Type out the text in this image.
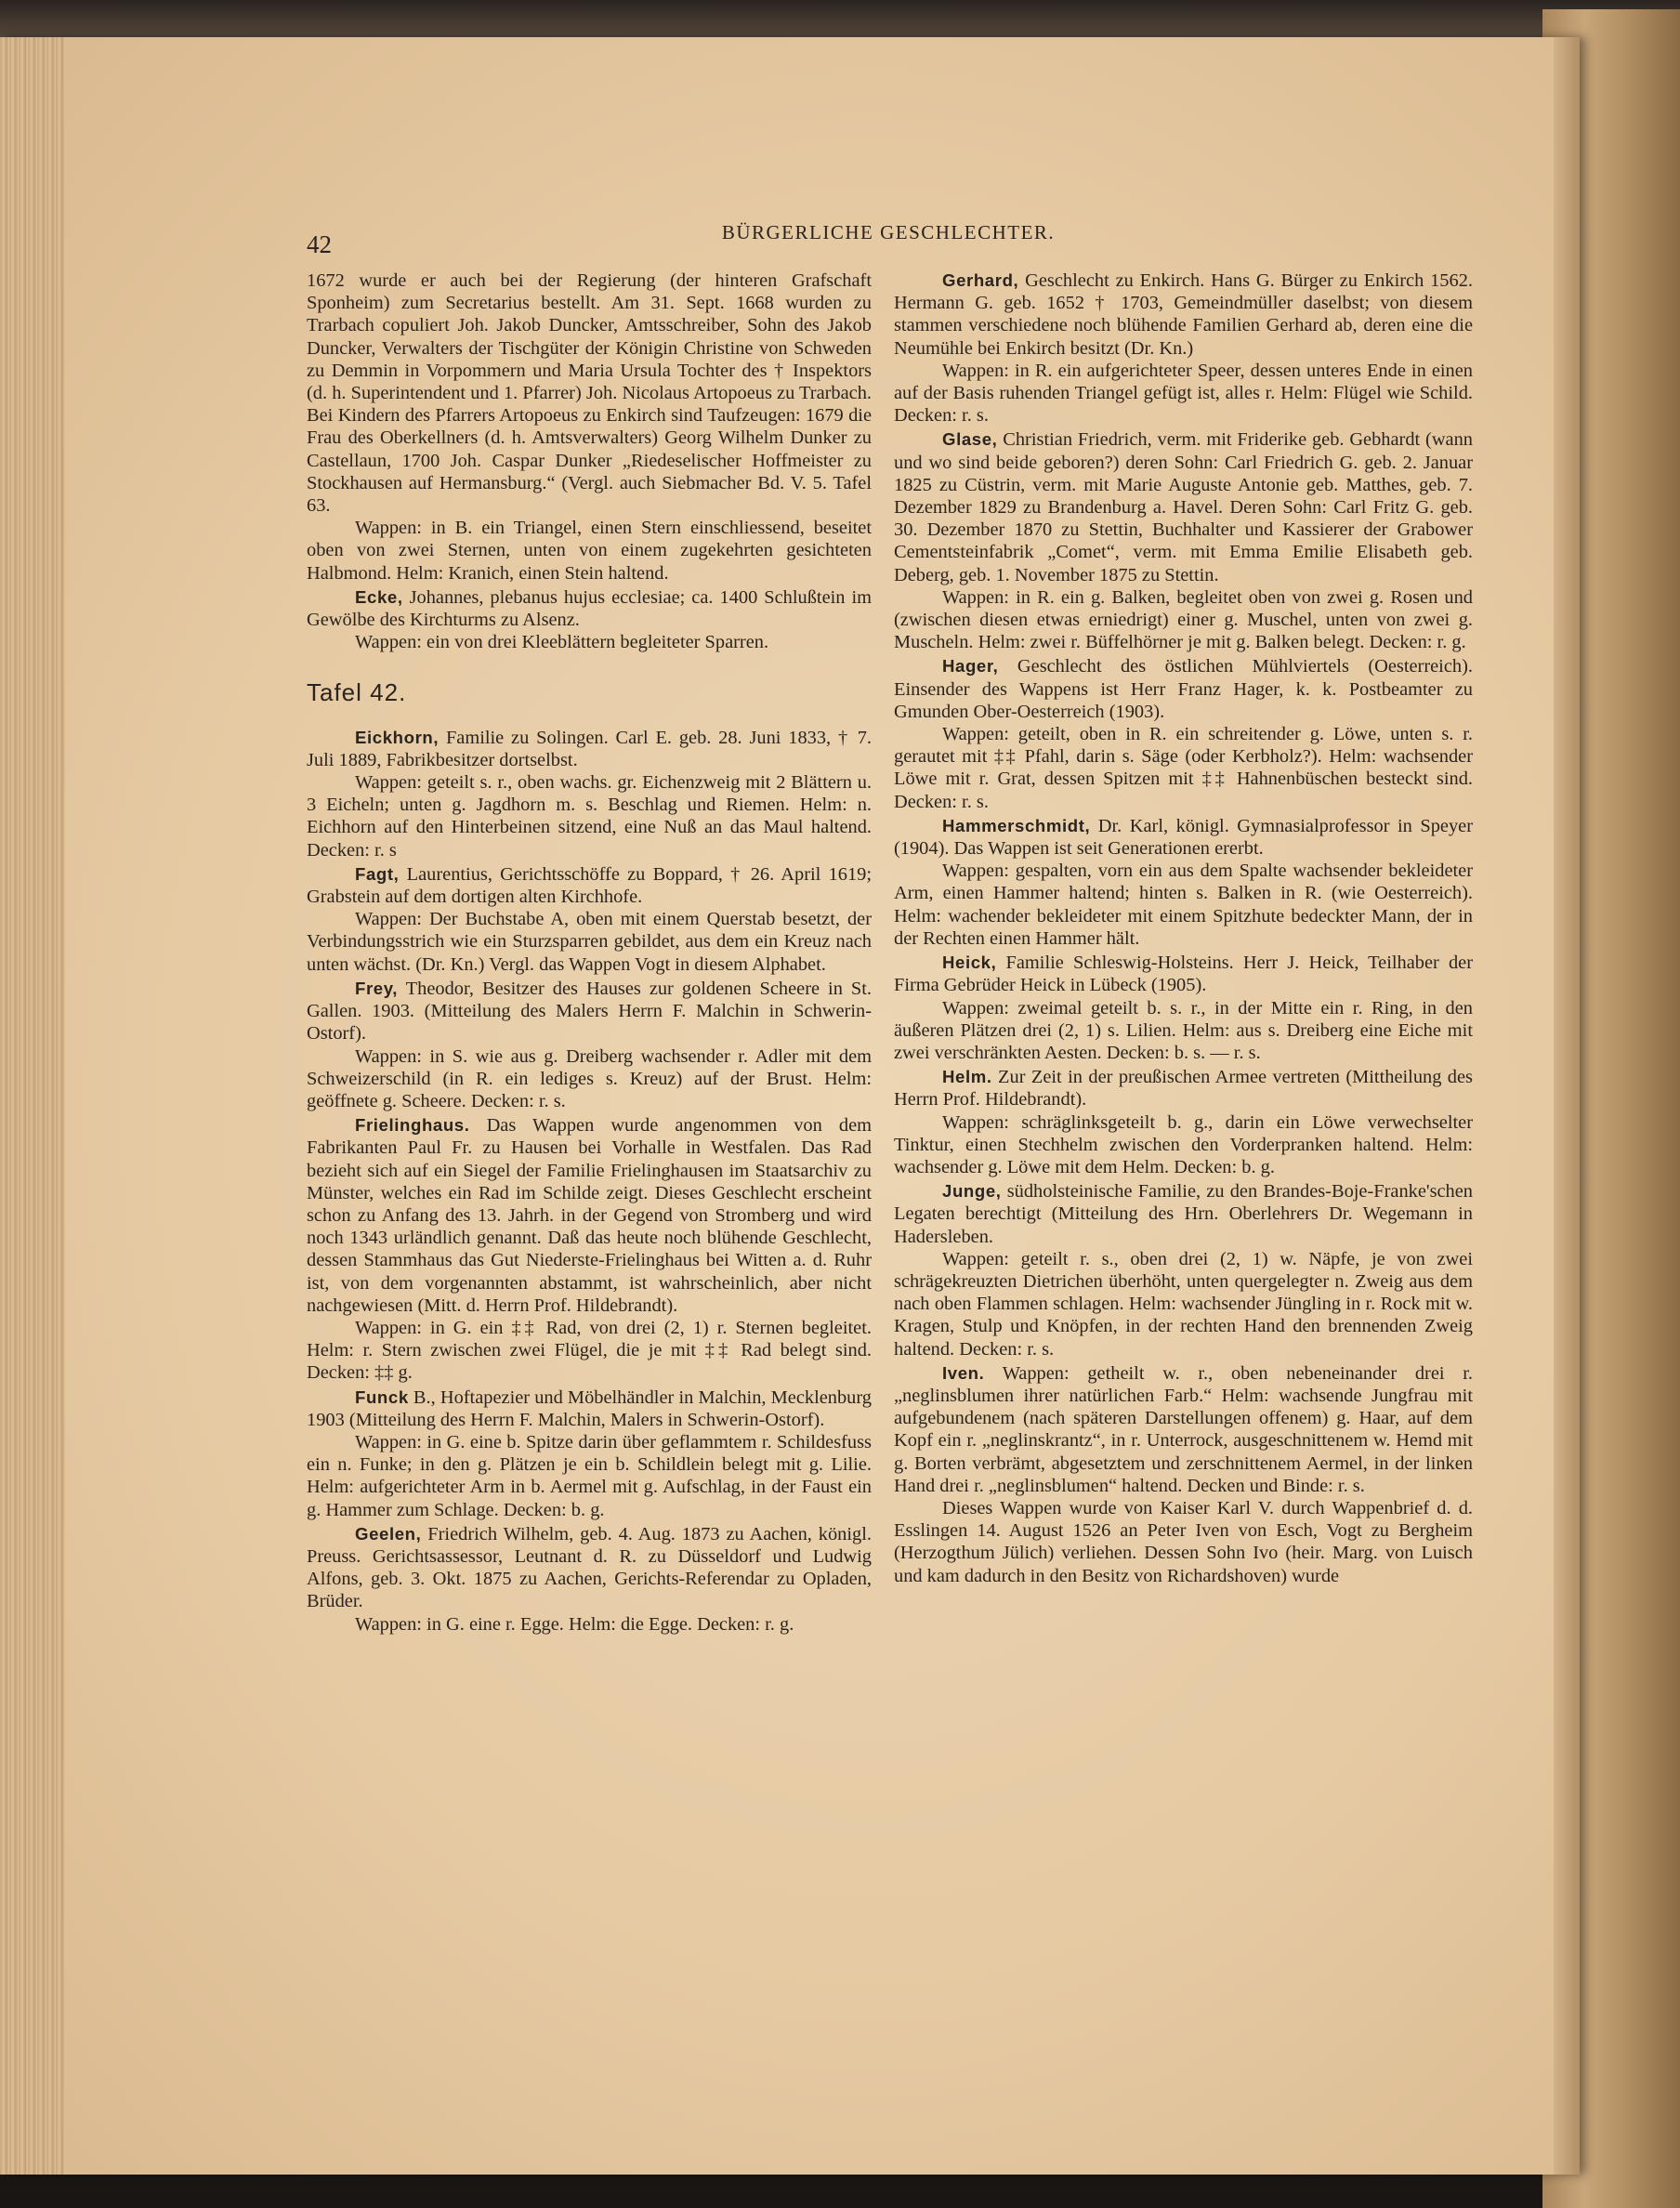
42	BÜRGERLICHE GESCHLECHTER.

1672 wurde er auch bei der Regierung (der hinteren Grafschaft Sponheim) zum Secretarius bestellt. Am 31. Sept. 1668 wurden zu Trarbach copuliert Joh. Jakob Duncker, Amtsschreiber, Sohn des Jakob Duncker, Verwalters der Tischgüter der Königin Christine von Schweden zu Demmin in Vorpommern und Maria Ursula Tochter des † Inspektors (d. h. Superintendent und 1. Pfarrer) Joh. Nicolaus Artopoeus zu Trarbach. Bei Kindern des Pfarrers Artopoeus zu Enkirch sind Taufzeugen: 1679 die Frau des Oberkellners (d. h. Amtsverwalters) Georg Wilhelm Dunker zu Castellaun, 1700 Joh. Caspar Dunker „Riedeselischer Hoffmeister zu Stockhausen auf Hermansburg.“ (Vergl. auch Siebmacher Bd. V. 5. Tafel 63.

Wappen: in B. ein Triangel, einen Stern einschliessend, beseitet oben von zwei Sternen, unten von einem zugekehrten gesichteten Halbmond. Helm: Kranich, einen Stein haltend.

Ecke, Johannes, plebanus hujus ecclesiae; ca. 1400 Schlußtein im Gewölbe des Kirchturms zu Alsenz.

Wappen: ein von drei Kleeblättern begleiteter Sparren.

Tafel 42.

Eickhorn, Familie zu Solingen. Carl E. geb. 28. Juni 1833, † 7. Juli 1889, Fabrikbesitzer dortselbst.

Wappen: geteilt s. r., oben wachs. gr. Eichenzweig mit 2 Blättern u. 3 Eicheln; unten g. Jagdhorn m. s. Beschlag und Riemen. Helm: n. Eichhorn auf den Hinterbeinen sitzend, eine Nuß an das Maul haltend. Decken: r. s

Fagt, Laurentius, Gerichtsschöffe zu Boppard, † 26. April 1619; Grabstein auf dem dortigen alten Kirchhofe.

Wappen: Der Buchstabe A, oben mit einem Querstab besetzt, der Verbindungsstrich wie ein Sturzsparren gebildet, aus dem ein Kreuz nach unten wächst. (Dr. Kn.) Vergl. das Wappen Vogt in diesem Alphabet.

Frey, Theodor, Besitzer des Hauses zur goldenen Scheere in St. Gallen. 1903. (Mitteilung des Malers Herrn F. Malchin in Schwerin-Ostorf).

Wappen: in S. wie aus g. Dreiberg wachsender r. Adler mit dem Schweizerschild (in R. ein lediges s. Kreuz) auf der Brust. Helm: geöffnete g. Scheere. Decken: r. s.

Frielinghaus. Das Wappen wurde angenommen von dem Fabrikanten Paul Fr. zu Hausen bei Vorhalle in Westfalen. Das Rad bezieht sich auf ein Siegel der Familie Frielinghausen im Staatsarchiv zu Münster, welches ein Rad im Schilde zeigt. Dieses Geschlecht erscheint schon zu Anfang des 13. Jahrh. in der Gegend von Stromberg und wird noch 1343 urländlich genannt. Daß das heute noch blühende Geschlecht, dessen Stammhaus das Gut Niederste-Frielinghaus bei Witten a. d. Ruhr ist, von dem vorgenannten abstammt, ist wahrscheinlich, aber nicht nachgewiesen (Mitt. d. Herrn Prof. Hildebrandt).

Wappen: in G. ein ‡‡ Rad, von drei (2, 1) r. Sternen begleitet. Helm: r. Stern zwischen zwei Flügel, die je mit ‡‡ Rad belegt sind. Decken: ‡‡ g.

Funck B., Hoftapezier und Möbelhändler in Malchin, Mecklenburg 1903 (Mitteilung des Herrn F. Malchin, Malers in Schwerin-Ostorf).

Wappen: in G. eine b. Spitze darin über geflammtem r. Schildesfuss ein n. Funke; in den g. Plätzen je ein b. Schildlein belegt mit g. Lilie. Helm: aufgerichteter Arm in b. Aermel mit g. Aufschlag, in der Faust ein g. Hammer zum Schlage. Decken: b. g.

Geelen, Friedrich Wilhelm, geb. 4. Aug. 1873 zu Aachen, königl. Preuss. Gerichtsassessor, Leutnant d. R. zu Düsseldorf und Ludwig Alfons, geb. 3. Okt. 1875 zu Aachen, Gerichts-Referendar zu Opladen, Brüder.

Wappen: in G. eine r. Egge. Helm: die Egge. Decken: r. g.

Gerhard, Geschlecht zu Enkirch. Hans G. Bürger zu Enkirch 1562. Hermann G. geb. 1652 † 1703, Gemeindmüller daselbst; von diesem stammen verschiedene noch blühende Familien Gerhard ab, deren eine die Neumühle bei Enkirch besitzt (Dr. Kn.)

Wappen: in R. ein aufgerichteter Speer, dessen unteres Ende in einen auf der Basis ruhenden Triangel gefügt ist, alles r. Helm: Flügel wie Schild. Decken: r. s.

Glase, Christian Friedrich, verm. mit Friderike geb. Gebhardt (wann und wo sind beide geboren?) deren Sohn: Carl Friedrich G. geb. 2. Januar 1825 zu Cüstrin, verm. mit Marie Auguste Antonie geb. Matthes, geb. 7. Dezember 1829 zu Brandenburg a. Havel. Deren Sohn: Carl Fritz G. geb. 30. Dezember 1870 zu Stettin, Buchhalter und Kassierer der Grabower Cementsteinfabrik „Comet“, verm. mit Emma Emilie Elisabeth geb. Deberg, geb. 1. November 1875 zu Stettin.

Wappen: in R. ein g. Balken, begleitet oben von zwei g. Rosen und (zwischen diesen etwas erniedrigt) einer g. Muschel, unten von zwei g. Muscheln. Helm: zwei r. Büffelhörner je mit g. Balken belegt. Decken: r. g.

Hager, Geschlecht des östlichen Mühlviertels (Oesterreich). Einsender des Wappens ist Herr Franz Hager, k. k. Postbeamter zu Gmunden Ober-Oesterreich (1903).

Wappen: geteilt, oben in R. ein schreitender g. Löwe, unten s. r. gerautet mit ‡‡ Pfahl, darin s. Säge (oder Kerbholz?). Helm: wachsender Löwe mit r. Grat, dessen Spitzen mit ‡‡ Hahnenbüschen besteckt sind. Decken: r. s.

Hammerschmidt, Dr. Karl, königl. Gymnasialprofessor in Speyer (1904). Das Wappen ist seit Generationen ererbt.

Wappen: gespalten, vorn ein aus dem Spalte wachsender bekleideter Arm, einen Hammer haltend; hinten s. Balken in R. (wie Oesterreich). Helm: wachender bekleideter mit einem Spitzhute bedeckter Mann, der in der Rechten einen Hammer hält.

Heick, Familie Schleswig-Holsteins. Herr J. Heick, Teilhaber der Firma Gebrüder Heick in Lübeck (1905).

Wappen: zweimal geteilt b. s. r., in der Mitte ein r. Ring, in den äußeren Plätzen drei (2, 1) s. Lilien. Helm: aus s. Dreiberg eine Eiche mit zwei verschränkten Aesten. Decken: b. s. — r. s.

Helm. Zur Zeit in der preußischen Armee vertreten (Mittheilung des Herrn Prof. Hildebrandt).

Wappen: schräglinksgeteilt b. g., darin ein Löwe verwechselter Tinktur, einen Stechhelm zwischen den Vorderpranken haltend. Helm: wachsender g. Löwe mit dem Helm. Decken: b. g.

Junge, südholsteinische Familie, zu den Brandes-Boje-Franke'schen Legaten berechtigt (Mitteilung des Hrn. Oberlehrers Dr. Wegemann in Hadersleben.

Wappen: geteilt r. s., oben drei (2, 1) w. Näpfe, je von zwei schrägekreuzten Dietrichen überhöht, unten quergelegter n. Zweig aus dem nach oben Flammen schlagen. Helm: wachsender Jüngling in r. Rock mit w. Kragen, Stulp und Knöpfen, in der rechten Hand den brennenden Zweig haltend. Decken: r. s.

Iven. Wappen: getheilt w. r., oben nebeneinander drei r. „neglinsblumen ihrer natürlichen Farb.“ Helm: wachsende Jungfrau mit aufgebundenem (nach späteren Darstellungen offenem) g. Haar, auf dem Kopf ein r. „neglinskrantz“, in r. Unterrock, ausgeschnittenem w. Hemd mit g. Borten verbrämt, abgesetztem und zerschnittenem Aermel, in der linken Hand drei r. „neglinsblumen“ haltend. Decken und Binde: r. s.

Dieses Wappen wurde von Kaiser Karl V. durch Wappenbrief d. d. Esslingen 14. August 1526 an Peter Iven von Esch, Vogt zu Bergheim (Herzogthum Jülich) verliehen. Dessen Sohn Ivo (heir. Marg. von Luisch und kam dadurch in den Besitz von Richardshoven) wurde
